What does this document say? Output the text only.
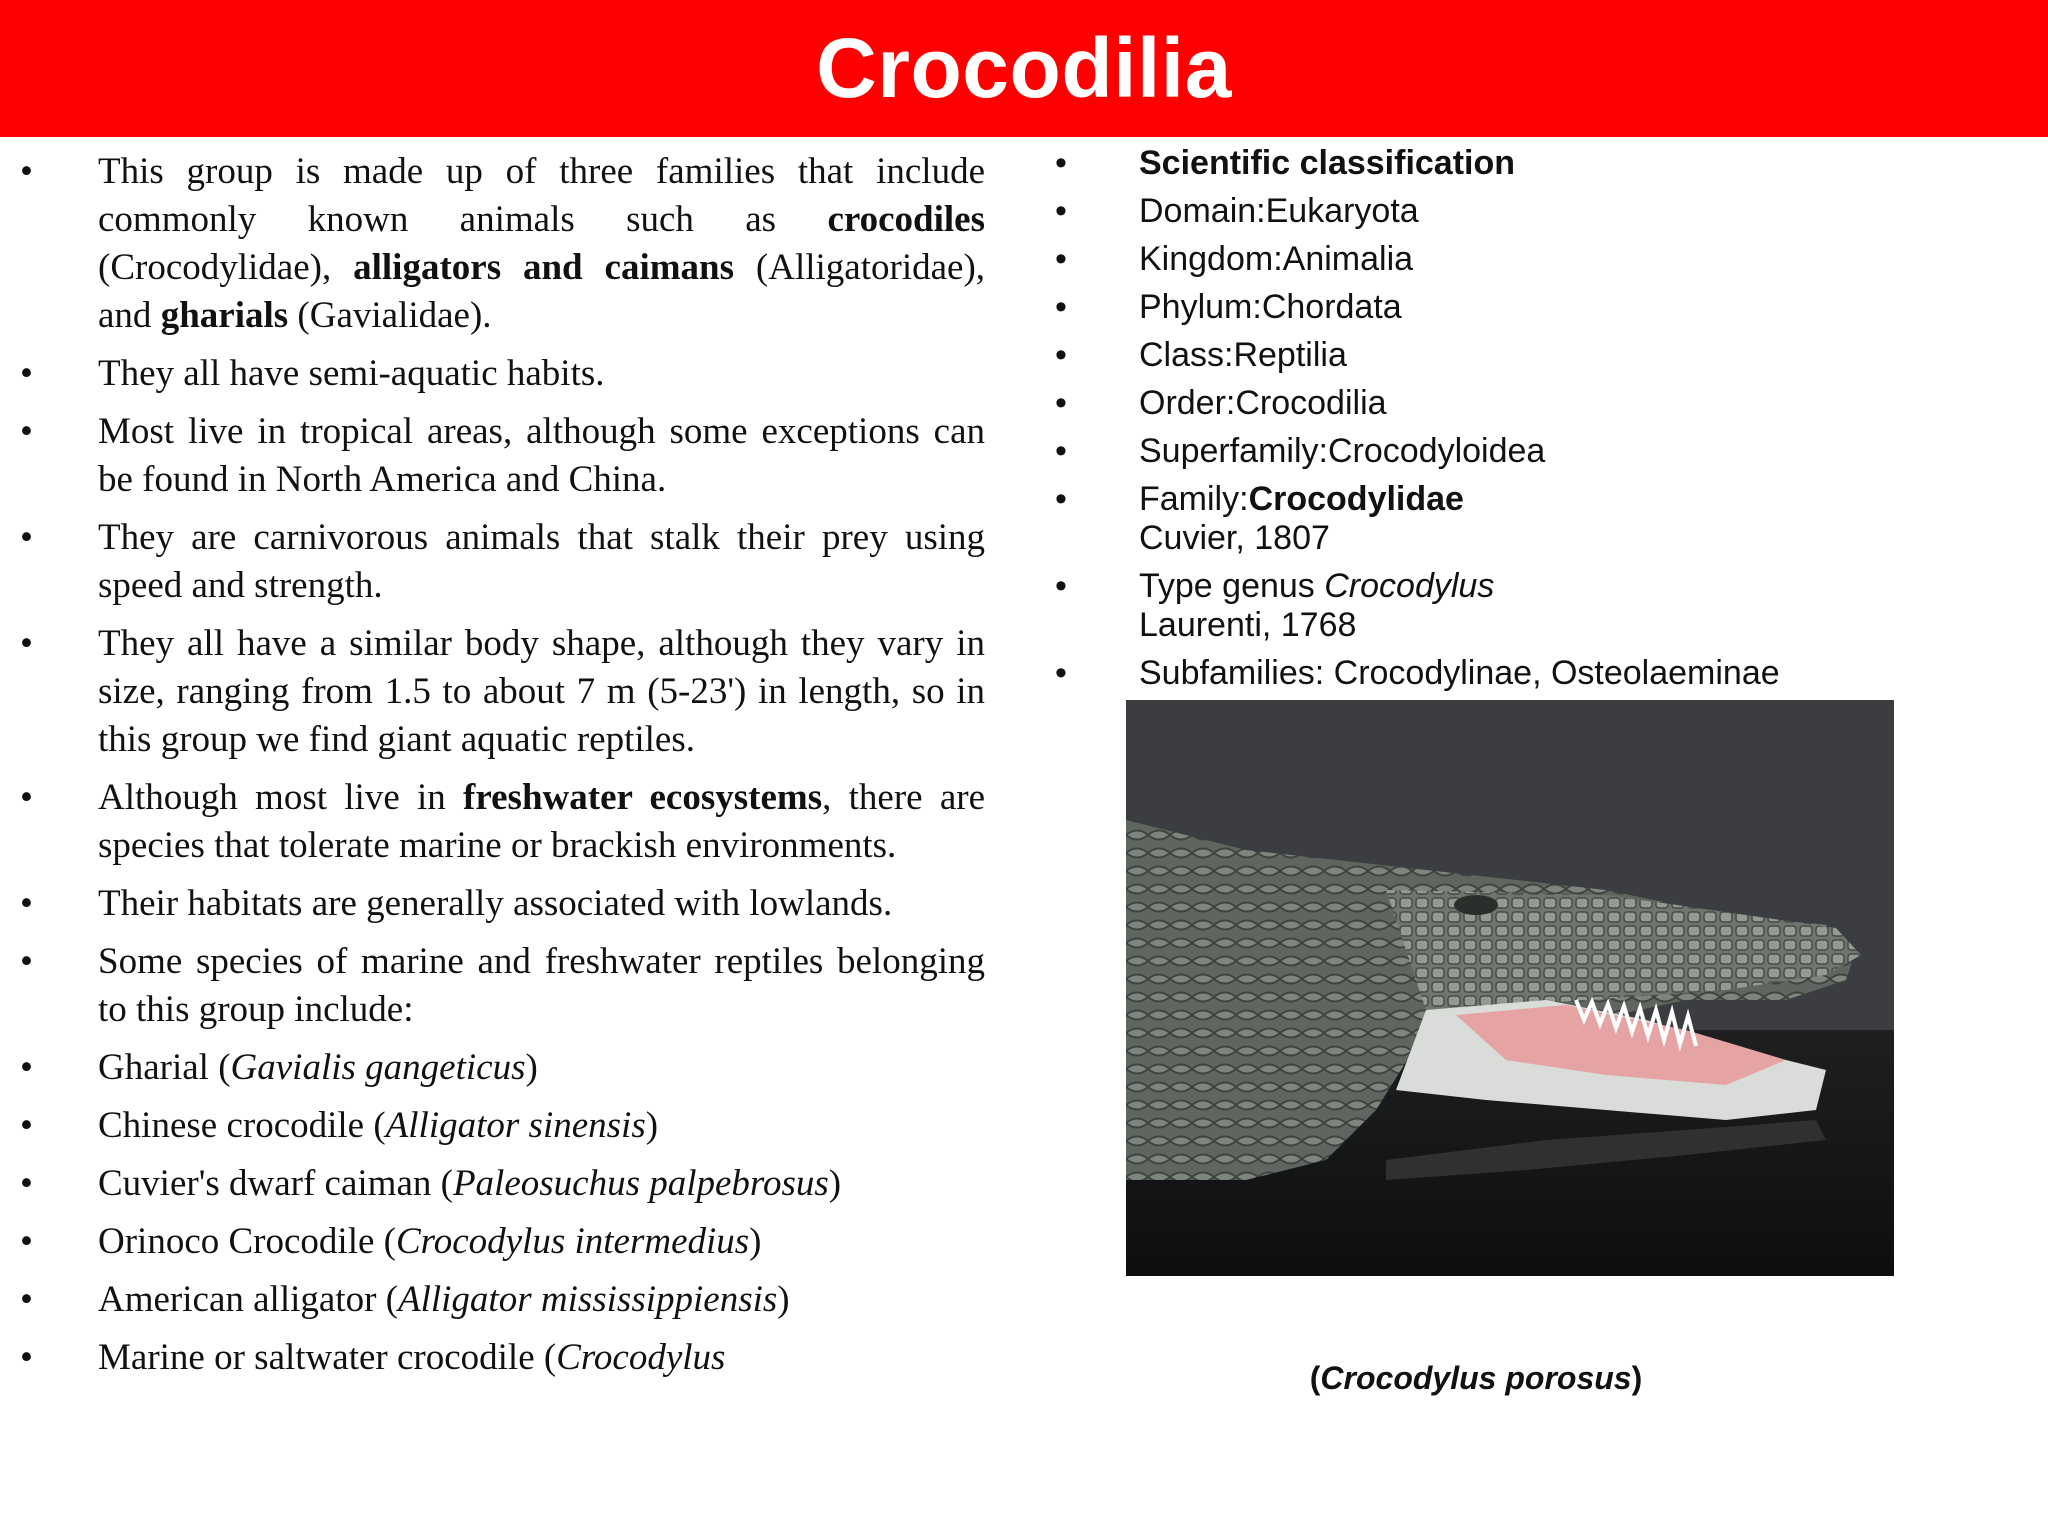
Crocodilia
• This group is made up of three families that include commonly known animals such as crocodiles (Crocodylidae), alligators and caimans (Alligatoridae), and gharials (Gavialidae).
• They all have semi-aquatic habits.
• Most live in tropical areas, although some exceptions can be found in North America and China.
• They are carnivorous animals that stalk their prey using speed and strength.
• They all have a similar body shape, although they vary in size, ranging from 1.5 to about 7 m (5-23') in length, so in this group we find giant aquatic reptiles.
• Although most live in freshwater ecosystems, there are species that tolerate marine or brackish environments.
• Their habitats are generally associated with lowlands.
• Some species of marine and freshwater reptiles belonging to this group include:
• Gharial (Gavialis gangeticus)
• Chinese crocodile (Alligator sinensis)
• Cuvier's dwarf caiman (Paleosuchus palpebrosus)
• Orinoco Crocodile (Crocodylus intermedius)
• American alligator (Alligator mississippiensis)
• Marine or saltwater crocodile (Crocodylus
• Scientific classification
• Domain:Eukaryota
• Kingdom:Animalia
• Phylum:Chordata
• Class:Reptilia
• Order:Crocodilia
• Superfamily:Crocodyloidea
• Family:Crocodylidae
Cuvier, 1807
• Type genus Crocodylus
Laurenti, 1768
• Subfamilies: Crocodylinae, Osteolaeminae
(Crocodylus porosus)
